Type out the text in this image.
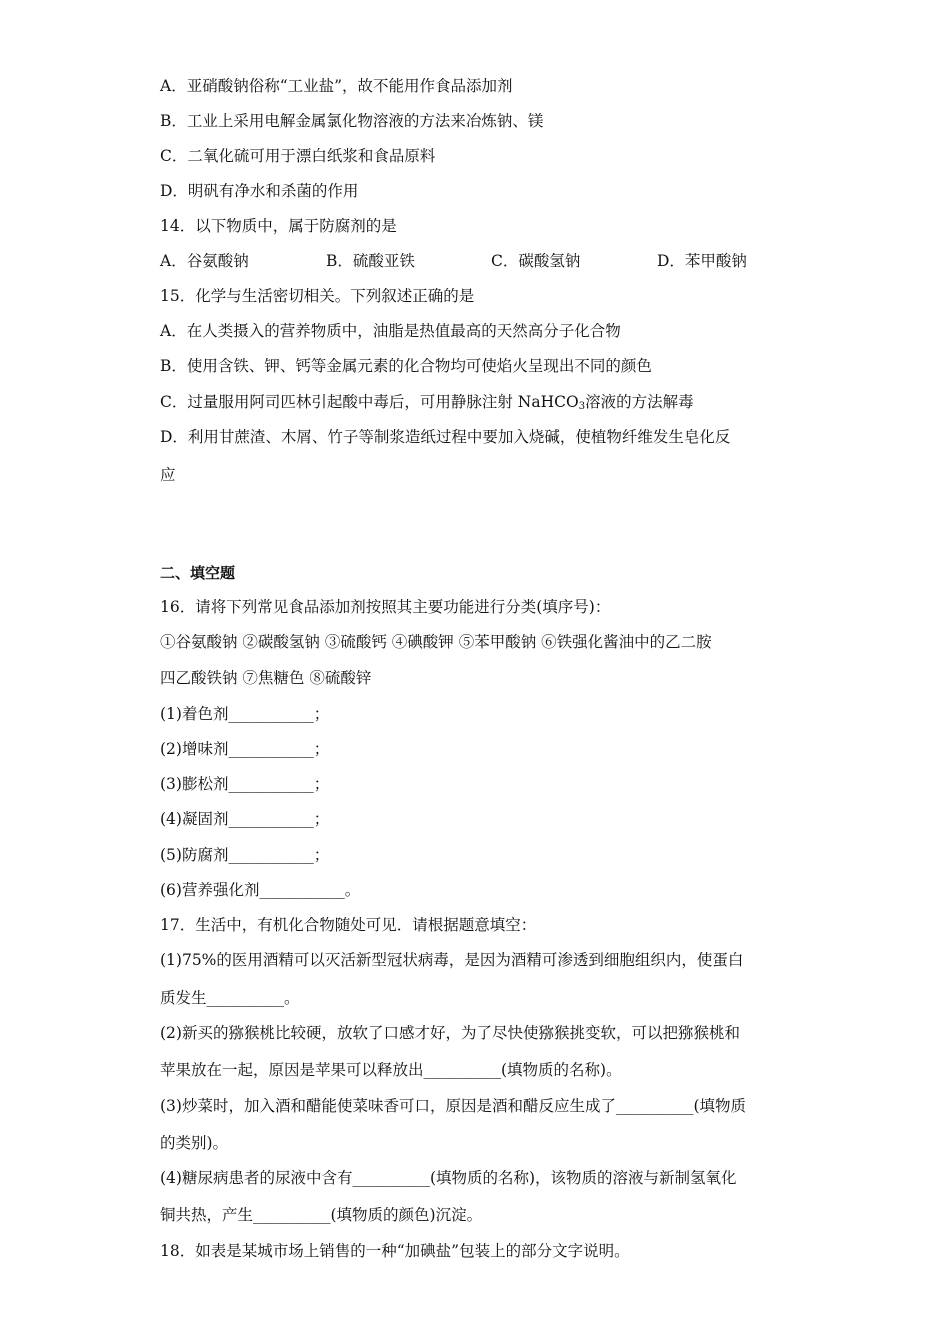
A．亚硝酸钠俗称“工业盐”，故不能用作食品添加剂
B．工业上采用电解金属氯化物溶液的方法来冶炼钠、镁
C．二氧化硫可用于漂白纸浆和食品原料
D．明矾有净水和杀菌的作用
14．以下物质中，属于防腐剂的是
A．谷氨酸钠	B．硫酸亚铁	C．碳酸氢钠	D．苯甲酸钠
15．化学与生活密切相关。下列叙述正确的是
A．在人类摄入的营养物质中，油脂是热值最高的天然高分子化合物
B．使用含铁、钾、钙等金属元素的化合物均可使焰火呈现出不同的颜色
C．过量服用阿司匹林引起酸中毒后，可用静脉注射 NaHCO$_3$溶液的方法解毒
D．利用甘蔗渣、木屑、竹子等制浆造纸过程中要加入烧碱，使植物纤维发生皂化反
应
二、填空题
16．请将下列常见食品添加剂按照其主要功能进行分类(填序号)：
①谷氨酸钠 ②碳酸氢钠 ③硫酸钙 ④碘酸钾 ⑤苯甲酸钠 ⑥铁强化酱油中的乙二胺
四乙酸铁钠 ⑦焦糖色 ⑧硫酸锌
(1)着色剂___________；
(2)增味剂___________；
(3)膨松剂___________；
(4)凝固剂___________；
(5)防腐剂___________；
(6)营养强化剂___________。
17．生活中，有机化合物随处可见．请根据题意填空：
(1)75%的医用酒精可以灭活新型冠状病毒，是因为酒精可渗透到细胞组织内，使蛋白
质发生__________。
(2)新买的猕猴桃比较硬，放软了口感才好，为了尽快使猕猴挑变软，可以把猕猴桃和
苹果放在一起，原因是苹果可以释放出__________(填物质的名称)。
(3)炒菜时，加入酒和醋能使菜味香可口，原因是酒和醋反应生成了__________(填物质
的类别)。
(4)糖尿病患者的尿液中含有__________(填物质的名称)，该物质的溶液与新制氢氧化
铜共热，产生__________(填物质的颜色)沉淀。
18．如表是某城市场上销售的一种“加碘盐”包装上的部分文字说明。
